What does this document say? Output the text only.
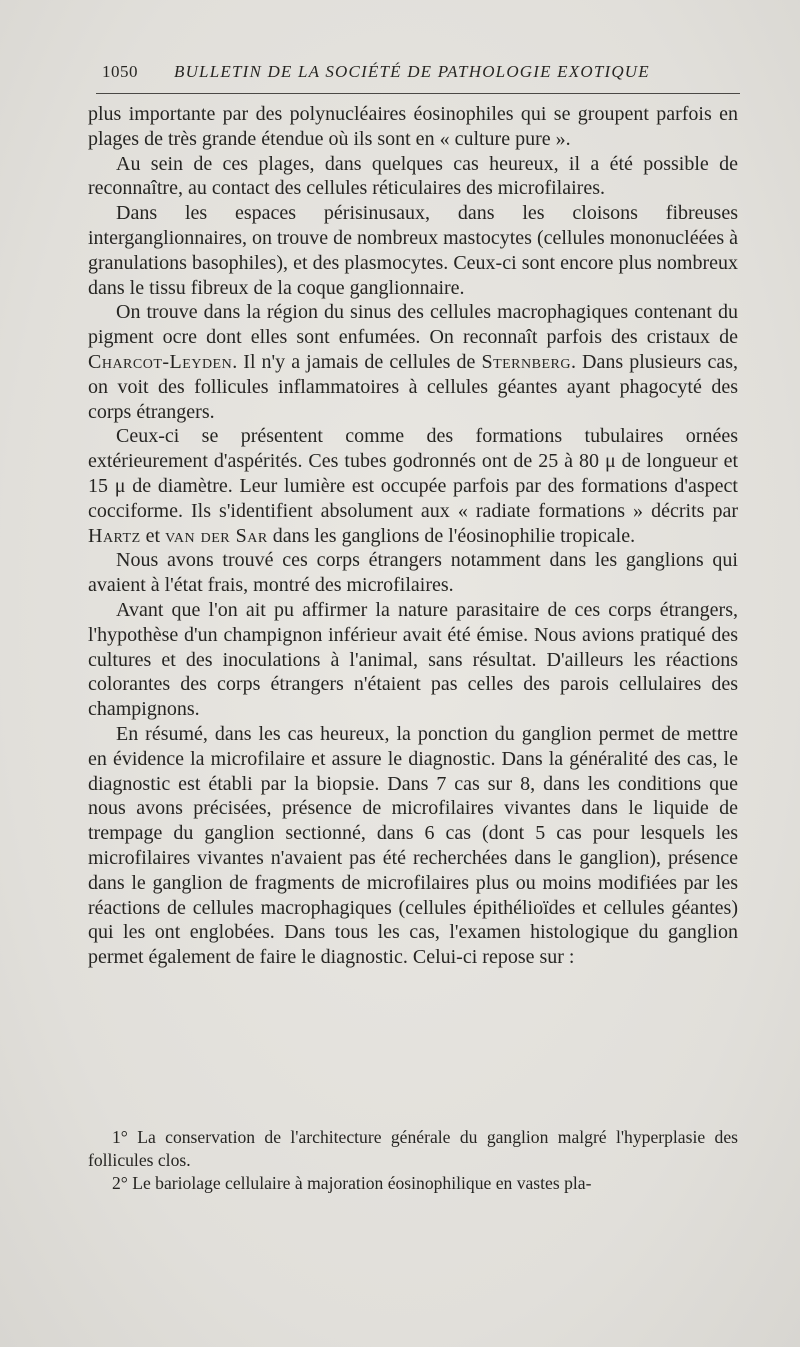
1050 BULLETIN DE LA SOCIÉTÉ DE PATHOLOGIE EXOTIQUE

plus importante par des polynucléaires éosinophiles qui se groupent parfois en plages de très grande étendue où ils sont en « culture pure ».

Au sein de ces plages, dans quelques cas heureux, il a été possible de reconnaître, au contact des cellules réticulaires des microfilaires.

Dans les espaces périsinusaux, dans les cloisons fibreuses interganglionnaires, on trouve de nombreux mastocytes (cellules mononucléées à granulations basophiles), et des plasmocytes. Ceux-ci sont encore plus nombreux dans le tissu fibreux de la coque ganglionnaire.

On trouve dans la région du sinus des cellules macrophagiques contenant du pigment ocre dont elles sont enfumées. On reconnaît parfois des cristaux de Charcot-Leyden. Il n'y a jamais de cellules de Sternberg. Dans plusieurs cas, on voit des follicules inflammatoires à cellules géantes ayant phagocyté des corps étrangers.

Ceux-ci se présentent comme des formations tubulaires ornées extérieurement d'aspérités. Ces tubes godronnés ont de 25 à 80 μ de longueur et 15 μ de diamètre. Leur lumière est occupée parfois par des formations d'aspect cocciforme. Ils s'identifient absolument aux « radiate formations » décrits par Hartz et van der Sar dans les ganglions de l'éosinophilie tropicale.

Nous avons trouvé ces corps étrangers notamment dans les ganglions qui avaient à l'état frais, montré des microfilaires.

Avant que l'on ait pu affirmer la nature parasitaire de ces corps étrangers, l'hypothèse d'un champignon inférieur avait été émise. Nous avions pratiqué des cultures et des inoculations à l'animal, sans résultat. D'ailleurs les réactions colorantes des corps étrangers n'étaient pas celles des parois cellulaires des champignons.

En résumé, dans les cas heureux, la ponction du ganglion permet de mettre en évidence la microfilaire et assure le diagnostic. Dans la généralité des cas, le diagnostic est établi par la biopsie. Dans 7 cas sur 8, dans les conditions que nous avons précisées, présence de microfilaires vivantes dans le liquide de trempage du ganglion sectionné, dans 6 cas (dont 5 cas pour lesquels les microfilaires vivantes n'avaient pas été recherchées dans le ganglion), présence dans le ganglion de fragments de microfilaires plus ou moins modifiées par les réactions de cellules macrophagiques (cellules épithélioïdes et cellules géantes) qui les ont englobées. Dans tous les cas, l'examen histologique du ganglion permet également de faire le diagnostic. Celui-ci repose sur :

1° La conservation de l'architecture générale du ganglion malgré l'hyperplasie des follicules clos.

2° Le bariolage cellulaire à majoration éosinophilique en vastes pla-
